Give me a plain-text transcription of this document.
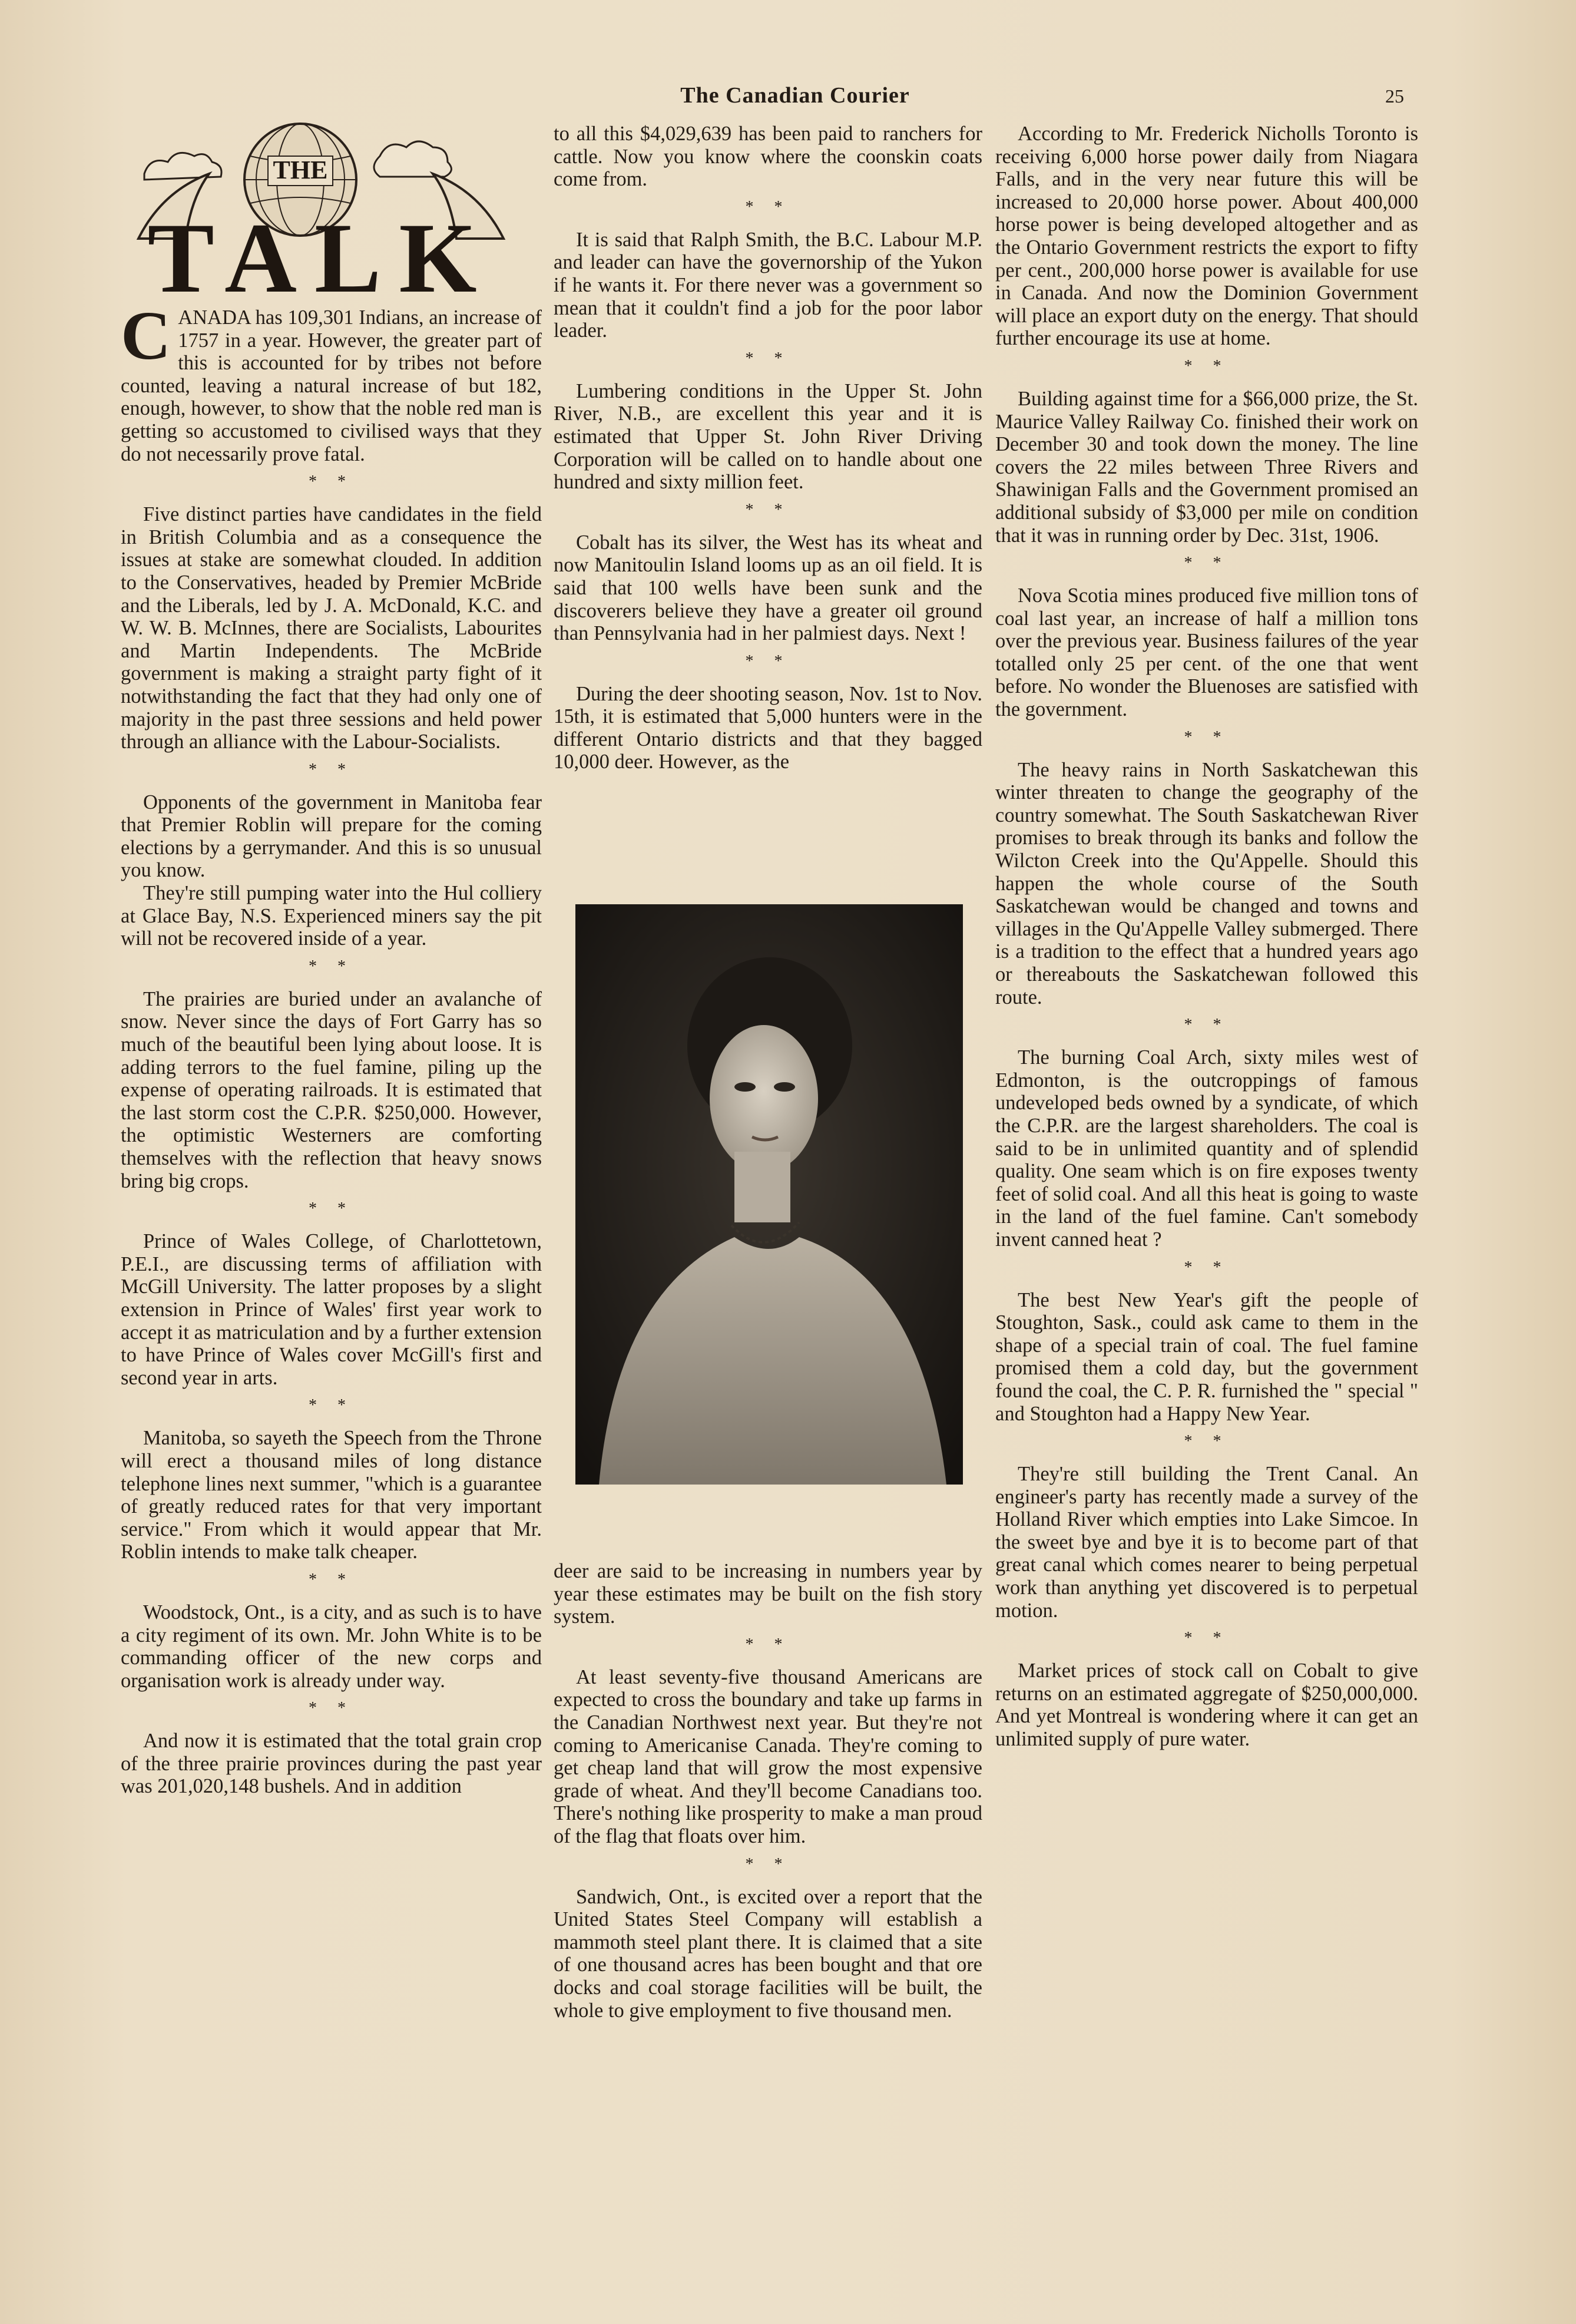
The Canadian Courier	25
THE
TALK

CANADA has 109,301 Indians, an increase of 1757 in a year. However, the greater part of this is accounted for by tribes not before counted, leaving a natural increase of but 182, enough, however, to show that the noble red man is getting so accustomed to civilised ways that they do not necessarily prove fatal.

* *

Five distinct parties have candidates in the field in British Columbia and as a consequence the issues at stake are somewhat clouded. In addition to the Conservatives, headed by Premier McBride and the Liberals, led by J. A. McDonald, K.C. and W. W. B. McInnes, there are Socialists, Labourites and Martin Independents. The McBride government is making a straight party fight of it notwithstanding the fact that they had only one of majority in the past three sessions and held power through an alliance with the Labour-Socialists.

* *

Opponents of the government in Manitoba fear that Premier Roblin will prepare for the coming elections by a gerrymander. And this is so unusual you know.

They're still pumping water into the Hul colliery at Glace Bay, N.S. Experienced miners say the pit will not be recovered inside of a year.

* *

The prairies are buried under an avalanche of snow. Never since the days of Fort Garry has so much of the beautiful been lying about loose. It is adding terrors to the fuel famine, piling up the expense of operating railroads. It is estimated that the last storm cost the C.P.R. $250,000. However, the optimistic Westerners are comforting themselves with the reflection that heavy snows bring big crops.

* *

Prince of Wales College, of Charlottetown, P.E.I., are discussing terms of affiliation with McGill University. The latter proposes by a slight extension in Prince of Wales' first year work to accept it as matriculation and by a further extension to have Prince of Wales cover McGill's first and second year in arts.

* *

Manitoba, so sayeth the Speech from the Throne will erect a thousand miles of long distance telephone lines next summer, "which is a guarantee of greatly reduced rates for that very important service." From which it would appear that Mr. Roblin intends to make talk cheaper.

* *

Woodstock, Ont., is a city, and as such is to have a city regiment of its own. Mr. John White is to be commanding officer of the new corps and organisation work is already under way.

* *

And now it is estimated that the total grain crop of the three prairie provinces during the past year was 201,020,148 bushels. And in addition

to all this $4,029,639 has been paid to ranchers for cattle. Now you know where the coonskin coats come from.

* *

It is said that Ralph Smith, the B.C. Labour M.P. and leader can have the governorship of the Yukon if he wants it. For there never was a government so mean that it couldn't find a job for the poor labor leader.

* *

Lumbering conditions in the Upper St. John River, N.B., are excellent this year and it is estimated that Upper St. John River Driving Corporation will be called on to handle about one hundred and sixty million feet.

* *

Cobalt has its silver, the West has its wheat and now Manitoulin Island looms up as an oil field. It is said that 100 wells have been sunk and the discoverers believe they have a greater oil ground than Pennsylvania had in her palmiest days. Next !

* *

During the deer shooting season, Nov. 1st to Nov. 15th, it is estimated that 5,000 hunters were in the different Ontario districts and that they bagged 10,000 deer. However, as the

deer are said to be increasing in numbers year by year these estimates may be built on the fish story system.

* *

At least seventy-five thousand Americans are expected to cross the boundary and take up farms in the Canadian Northwest next year. But they're not coming to Americanise Canada. They're coming to get cheap land that will grow the most expensive grade of wheat. And they'll become Canadians too. There's nothing like prosperity to make a man proud of the flag that floats over him.

* *

Sandwich, Ont., is excited over a report that the United States Steel Company will establish a mammoth steel plant there. It is claimed that a site of one thousand acres has been bought and that ore docks and coal storage facilities will be built, the whole to give employment to five thousand men.

According to Mr. Frederick Nicholls Toronto is receiving 6,000 horse power daily from Niagara Falls, and in the very near future this will be increased to 20,000 horse power. About 400,000 horse power is being developed altogether and as the Ontario Government restricts the export to fifty per cent., 200,000 horse power is available for use in Canada. And now the Dominion Government will place an export duty on the energy. That should further encourage its use at home.

* *

Building against time for a $66,000 prize, the St. Maurice Valley Railway Co. finished their work on December 30 and took down the money. The line covers the 22 miles between Three Rivers and Shawinigan Falls and the Government promised an additional subsidy of $3,000 per mile on condition that it was in running order by Dec. 31st, 1906.

* *

Nova Scotia mines produced five million tons of coal last year, an increase of half a million tons over the previous year. Business failures of the year totalled only 25 per cent. of the one that went before. No wonder the Bluenoses are satisfied with the government.

* *

The heavy rains in North Saskatchewan this winter threaten to change the geography of the country somewhat. The South Saskatchewan River promises to break through its banks and follow the Wilcton Creek into the Qu'Appelle. Should this happen the whole course of the South Saskatchewan would be changed and towns and villages in the Qu'Appelle Valley submerged. There is a tradition to the effect that a hundred years ago or thereabouts the Saskatchewan followed this route.

* *

The burning Coal Arch, sixty miles west of Edmonton, is the outcroppings of famous undeveloped beds owned by a syndicate, of which the C.P.R. are the largest shareholders. The coal is said to be in unlimited quantity and of splendid quality. One seam which is on fire exposes twenty feet of solid coal. And all this heat is going to waste in the land of the fuel famine. Can't somebody invent canned heat ?

* *

The best New Year's gift the people of Stoughton, Sask., could ask came to them in the shape of a special train of coal. The fuel famine promised them a cold day, but the government found the coal, the C. P. R. furnished the " special " and Stoughton had a Happy New Year.

* *

They're still building the Trent Canal. An engineer's party has recently made a survey of the Holland River which empties into Lake Simcoe. In the sweet bye and bye it is to become part of that great canal which comes nearer to being perpetual work than anything yet discovered is to perpetual motion.

* *

Market prices of stock call on Cobalt to give returns on an estimated aggregate of $250,000,000. And yet Montreal is wondering where it can get an unlimited supply of pure water.
